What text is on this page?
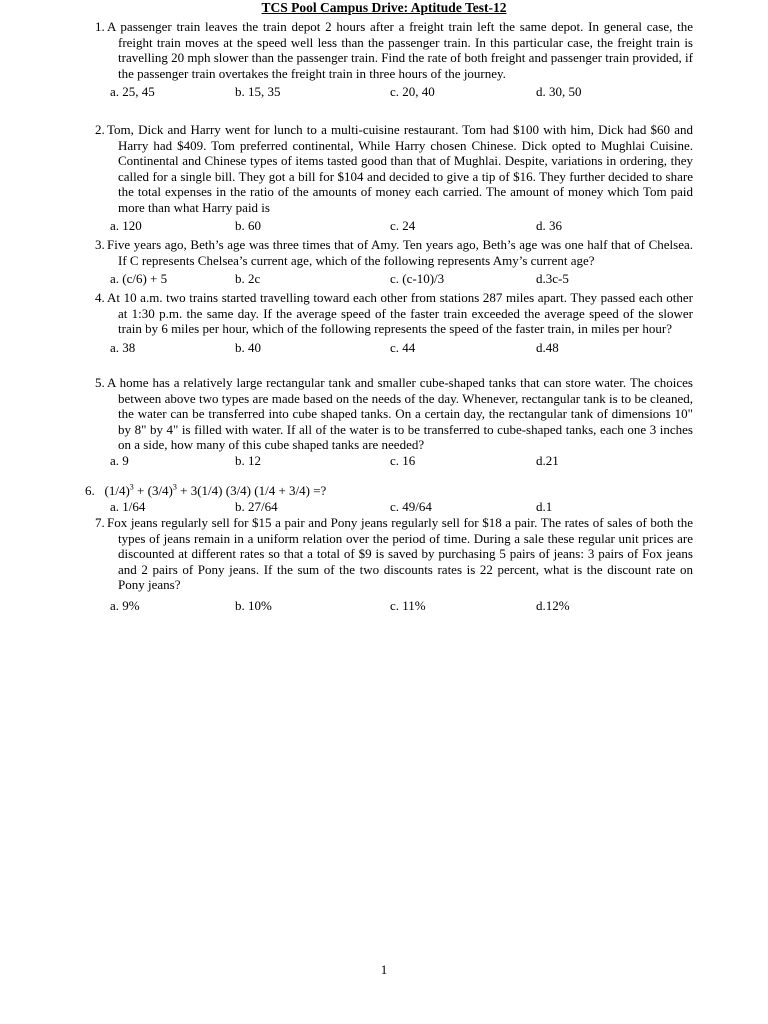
TCS Pool Campus Drive: Aptitude Test-12

1. A passenger train leaves the train depot 2 hours after a freight train left the same depot. In general case, the freight train moves at the speed well less than the passenger train. In this particular case, the freight train is travelling 20 mph slower than the passenger train. Find the rate of both freight and passenger train provided, if the passenger train overtakes the freight train in three hours of the journey.

a. 25, 45	b. 15, 35	c. 20, 40	d. 30, 50

2. Tom, Dick and Harry went for lunch to a multi-cuisine restaurant. Tom had $100 with him, Dick had $60 and Harry had $409. Tom preferred continental, While Harry chosen Chinese. Dick opted to Mughlai Cuisine. Continental and Chinese types of items tasted good than that of Mughlai. Despite, variations in ordering, they called for a single bill. They got a bill for $104 and decided to give a tip of $16. They further decided to share the total expenses in the ratio of the amounts of money each carried. The amount of money which Tom paid more than what Harry paid is

a. 120	b. 60	c. 24	d. 36

3. Five years ago, Beth’s age was three times that of Amy. Ten years ago, Beth’s age was one half that of Chelsea. If C represents Chelsea’s current age, which of the following represents Amy’s current age?

a. (c/6) + 5	b. 2c	c. (c-10)/3	d.3c-5

4. At 10 a.m. two trains started travelling toward each other from stations 287 miles apart. They passed each other at 1:30 p.m. the same day. If the average speed of the faster train exceeded the average speed of the slower train by 6 miles per hour, which of the following represents the speed of the faster train, in miles per hour?

a. 38	b. 40	c. 44	d.48

5. A home has a relatively large rectangular tank and smaller cube-shaped tanks that can store water. The choices between above two types are made based on the needs of the day. Whenever, rectangular tank is to be cleaned, the water can be transferred into cube shaped tanks. On a certain day, the rectangular tank of dimensions 10" by 8" by 4" is filled with water. If all of the water is to be transferred to cube-shaped tanks, each one 3 inches on a side, how many of this cube shaped tanks are needed?

a. 9	b. 12	c. 16	d.21

6. $(1/4)^3 + (3/4)^3 + 3(1/4)$ (3/4) (1/4 + 3/4) =?

a. 1/64	b. 27/64	c. 49/64	d.1

7. Fox jeans regularly sell for $15 a pair and Pony jeans regularly sell for $18 a pair. The rates of sales of both the types of jeans remain in a uniform relation over the period of time. During a sale these regular unit prices are discounted at different rates so that a total of $9 is saved by purchasing 5 pairs of jeans: 3 pairs of Fox jeans and 2 pairs of Pony jeans. If the sum of the two discounts rates is 22 percent, what is the discount rate on Pony jeans?

a. 9%	b. 10%	c. 11%	d.12%
1
